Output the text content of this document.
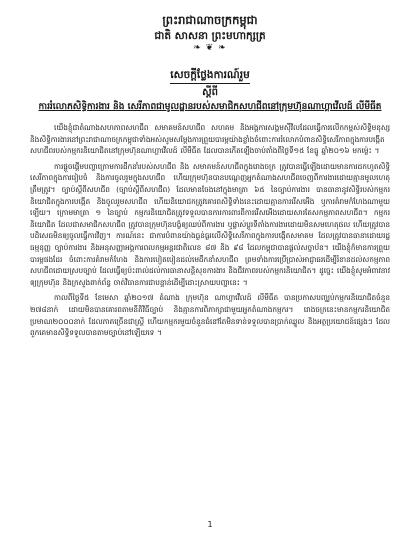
ព្រះរាជាណាចក្រកម្ពុជា
ជាតិ សាសនា ព្រះមហាក្សត្រ
❧ ❦ ❧
សេចក្តីថ្លែងការណ៍រួម
ស្តីពី
ការរំលោភសិទ្ធិការងារ និង សេរីភាពជាមូលដ្ឋានរបស់សមាជិកសហជីពនៅក្រុមហ៊ុនណាហ្គាវើលដ៍ លីមីធីត

យើងខ្ញុំជាតំណាងសហភាពសហជីព សមាគមន៍សហជីព សហគម និងអង្គការសង្គមស៊ីវិលដែលធ្វើការលើកកម្ពស់សិទ្ធិមនុស្ស និងសិទ្ធិការងារនៅព្រះរាជាណាចក្រកម្ពុជាទាំងអស់សូមសម្តែងការព្រួយបារម្ភយ៉ាងខ្លាំងចំពោះការរំលោភបំពានសិទ្ធិសេរីភាពក្នុងការបង្កើតសហជីពរបស់កម្មករនិយោជិតនៅក្រុមហ៊ុនណាហ្គាវើលដ៍ លីមីធីត ដែលបានកើតឡើងចាប់តាំងពីថ្ងៃទី១៥ ខែធ្នូ ឆ្នាំ២០១៦ មកម្ល៉េះ ។

ការផ្តួចផ្តើមបញ្ហាក្រោមការដឹកនាំរបស់សហជីព និង សមាគមន៍សហជីពក្នុងរោងចក្រ ត្រូវបានធ្វើឡើងដោយមានការដកហូតសិទ្ធិសេរីភាពក្នុងការរៀបចំ និងការចូលរួមក្នុងសហជីព ហើយក្រុមហ៊ុនបានបណ្តេញអ្នកតំណាងសហជីពចេញពីការងារដោយគ្មានមូលហេតុត្រឹមត្រូវ។ ច្បាប់ស្តីពីសហជីព (ច្បាប់ស្តីពីសហជីព) ដែលមានចែងនៅក្នុងមាត្រា ៦៥ នៃច្បាប់ការងារ បានធានានូវសិទ្ធិរបស់កម្មករ និយោជិតក្នុងការបង្កើត និងចូលរួមសហជីព ហើយនិយោជកត្រូវគោរពសិទ្ធិទាំងនេះដោយគ្មានការរើសអើង ឬការគំរាមកំហែងណាមួយឡើយ។ ក្រោមមាត្រា ១ នៃច្បាប់ កម្មករនិយោជិតត្រូវទទួលបានការការពារពីការរើសអើងដោយសារតែសកម្មភាពសហជីព។ កម្មករនិយោជិត ដែលជាសមាជិកសហជីព ត្រូវបានក្រុមហ៊ុនបង្ខំឲ្យឈប់ពីការងារ ឬផ្លាស់ប្តូរទីតាំងការងារដោយមិនសមហេតុផល ហើយត្រូវបានបដិសេធមិនឲ្យចូលធ្វើការវិញ។ ការណ៍នេះ ជាការបំពានយ៉ាងធ្ងន់ធ្ងរលើសិទ្ធិសេរីភាពក្នុងការបង្កើតសមាគម ដែលត្រូវបានធានាដោយរដ្ឋធម្មនុញ្ញ ច្បាប់ការងារ និងអនុសញ្ញាអង្គការពលកម្មអន្តរជាតិលេខ ៨៧ និង ៩៨ ដែលកម្ពុជាបានផ្តល់សច្ចាប័ន។ យើងខ្ញុំក៏មានការព្រួយបារម្ភផងដែរ ចំពោះការគំរាមកំហែង និងការបៀតបៀនដល់មេដឹកនាំសហជីព ព្រមទាំងការប្រើប្រាស់អាជ្ញាធរដើម្បីរំខានដល់សកម្មភាពសហជីពដោយស្របច្បាប់ ដែលធ្វើឲ្យប៉ះពាល់ដល់ការធានាសន្តិសុខការងារ និងជីវភាពរបស់កម្មករនិយោជិត។ ដូច្នេះ យើងខ្ញុំសូមអំពាវនាវឲ្យក្រុមហ៊ុន និងក្រសួងពាក់ព័ន្ធ ចាត់វិធានការជាបន្ទាន់ដើម្បីដោះស្រាយបញ្ហានេះ ។

កាលពីថ្ងៃទី៥ ខែមេសា ឆ្នាំ២០១៧ តំណាង ក្រុមហ៊ុន ណាហ្គាវើលដ៍ លីមីធីត បានប្រកាសបញ្ឈប់កម្មករនិយោជិតចំនួន ២៧៨នាក់ ដោយមិនបានគោរពតាមនីតិវិធីច្បាប់ និងគ្មានការពិភាក្សាជាមួយអ្នកតំណាងកម្មករ។ រោងចក្រនេះមានកម្មករនិយោជិតប្រមាណ២០០០នាក់ ដែលភាគច្រើនជាស្ត្រី ហើយកម្មករមួយចំនួនធំនៅតែមិនទាន់ទទួលបានប្រាក់ឈ្នួល និងអត្ថប្រយោជន៍ផ្សេងៗ ដែលពួកគេមានសិទ្ធិទទួលបានតាមច្បាប់នៅឡើយទេ ។

1
